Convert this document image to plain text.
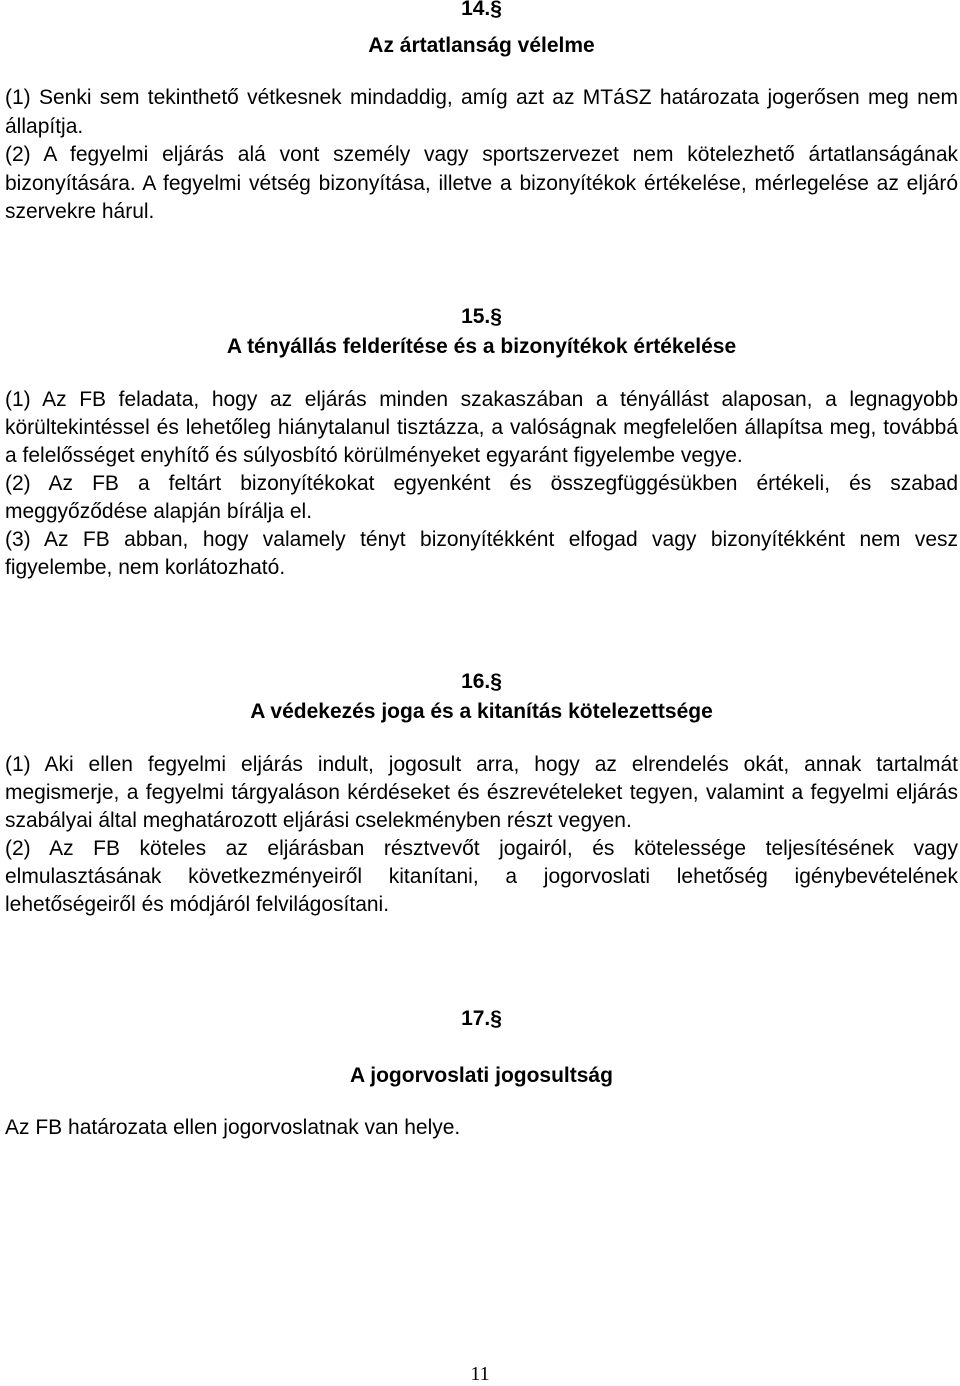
14.§

Az ártatlanság vélelme

(1) Senki sem tekinthető vétkesnek mindaddig, amíg azt az MTáSZ határozata jogerősen meg nem állapítja.

(2) A fegyelmi eljárás alá vont személy vagy sportszervezet nem kötelezhető ártatlanságának bizonyítására. A fegyelmi vétség bizonyítása, illetve a bizonyítékok értékelése, mérlegelése az eljáró szervekre hárul.

15.§

A tényállás felderítése és a bizonyítékok értékelése

(1) Az FB feladata, hogy az eljárás minden szakaszában a tényállást alaposan, a legnagyobb körültekintéssel és lehetőleg hiánytalanul tisztázza, a valóságnak megfelelően állapítsa meg, továbbá a felelősséget enyhítő és súlyosbító körülményeket egyaránt figyelembe vegye.

(2) Az FB a feltárt bizonyítékokat egyenként és összegfüggésükben értékeli, és szabad meggyőződése alapján bírálja el.

(3) Az FB abban, hogy valamely tényt bizonyítékként elfogad vagy bizonyítékként nem vesz figyelembe, nem korlátozható.

16.§

A védekezés joga és a kitanítás kötelezettsége

(1) Aki ellen fegyelmi eljárás indult, jogosult arra, hogy az elrendelés okát, annak tartalmát megismerje, a fegyelmi tárgyaláson kérdéseket és észrevételeket tegyen, valamint a fegyelmi eljárás szabályai által meghatározott eljárási cselekményben részt vegyen.

(2) Az FB köteles az eljárásban résztvevőt jogairól, és kötelessége teljesítésének vagy elmulasztásának következményeiről kitanítani, a jogorvoslati lehetőség igénybevételének lehetőségeiről és módjáról felvilágosítani.

17.§

A jogorvoslati jogosultság

Az FB határozata ellen jogorvoslatnak van helye.

11
